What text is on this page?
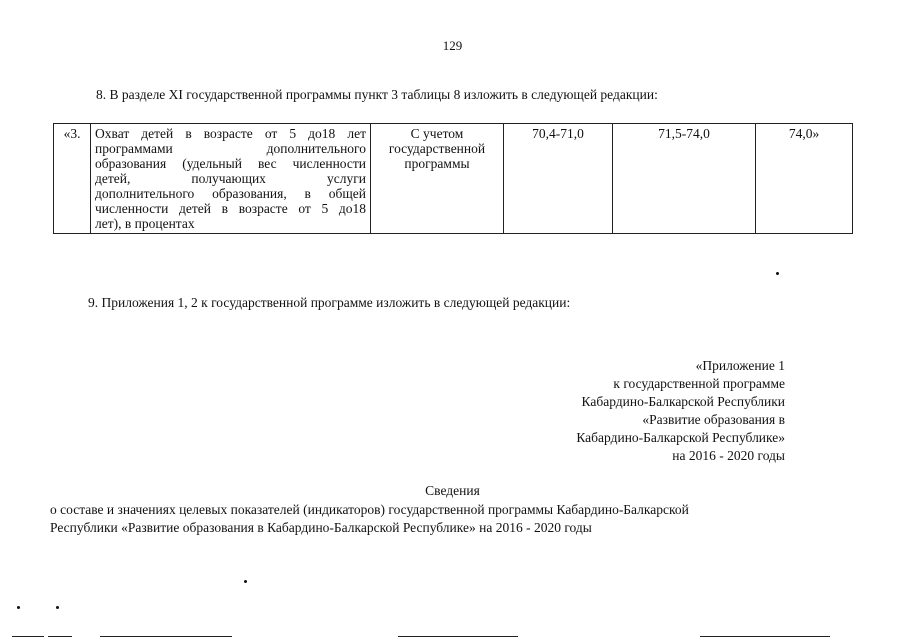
129
8. В разделе XI государственной программы пункт 3 таблицы 8 изложить в следующей редакции:
«3.	Охват детей в возрасте от 5 до18 лет
программами дополнительного
образования (удельный вес численности
детей, получающих услуги
дополнительного образования, в общей
численности детей в возрасте от 5 до18
лет), в процентах
	С учетом государственной программы	70,4-71,0	71,5-74,0	74,0»
9. Приложения 1, 2 к государственной программе изложить в следующей редакции:
«Приложение 1
к государственной программе
Кабардино-Балкарской Республики
«Развитие образования в
Кабардино-Балкарской Республике»
на 2016 - 2020 годы
Сведения
о составе и значениях целевых показателей (индикаторов) государственной программы Кабардино-Балкарской
Республики «Развитие образования в Кабардино-Балкарской Республике» на 2016 - 2020 годы
